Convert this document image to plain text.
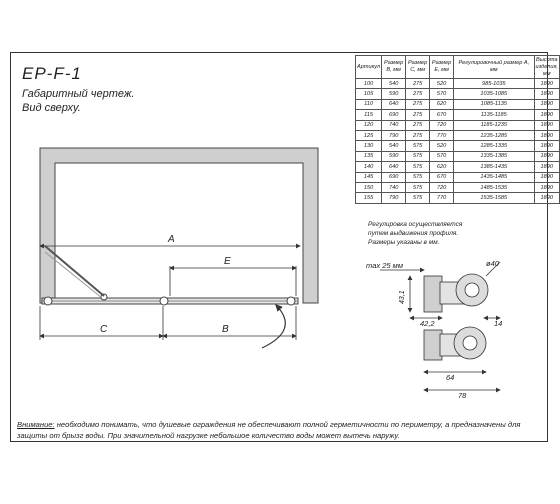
EP-F-1
Габаритный чертеж.
Вид сверху.
Артикул	Размер B, мм	Размер C, мм	Размер E, мм	Регулировочный размер A, мм	Высота изделия, мм
100	540	275	520	985-1035	1890
105	590	275	570	1035-1085	1890
110	640	275	620	1085-1135	1890
115	690	275	670	1135-1185	1890
120	740	275	720	1185-1235	1890
125	790	275	770	1235-1285	1890
130	540	575	520	1285-1335	1890
135	590	575	570	1335-1385	1890
140	640	575	620	1385-1435	1890
145	690	575	670	1435-1485	1890
150	740	575	720	1485-1535	1890
155	790	575	770	1535-1585	1890
Регулировка осуществляется
путем выдвижения профиля.
Размеры указаны в мм.
A
E
C	B
max 25 мм	ø40
43,1
42,2	14
64
78
Внимание: необходимо понимать, что душевые ограждения не обеспечивают полной герметичности по периметру, а предназначены для защиты от брызг воды. При значительной нагрузке небольшое количество воды может вытечь наружу.
